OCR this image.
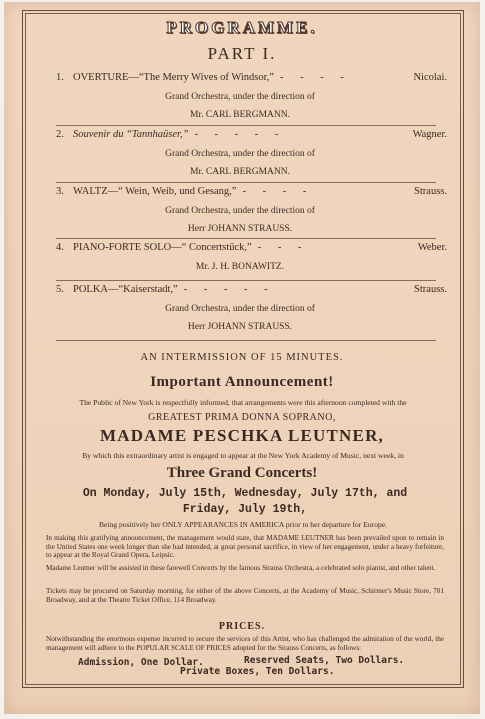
PROGRAMME.
PART I.
1. OVERTURE—“The Merry Wives of Windsor,” - - - -	Nicolai.
Grand Orchestra, under the direction of
Mr. CARL BERGMANN.
2. Souvenir du “Tannhaüser,” - - - - -	Wagner.
Grand Orchestra, under the direction of
Mr. CARL BERGMANN.
3. WALTZ—“ Wein, Weib, und Gesang,” - - - -	Strauss.
Grand Orchestra, under the direction of
Herr JOHANN STRAUSS.
4. PIANO-FORTE SOLO—“ Concertstück,” - - -	Weber.
Mr. J. H. BONAWITZ.
5. POLKA—“Kaiserstadt,” - - - - -	Strauss.
Grand Orchestra, under the direction of
Herr JOHANN STRAUSS.
AN INTERMISSION OF 15 MINUTES.
Important Announcement!
The Public of New York is respectfully informed, that arrangements were this afternoon completed with the
GREATEST PRIMA DONNA SOPRANO,
MADAME PESCHKA LEUTNER,
By which this extraordinary artist is engaged to appear at the New York Academy of Music, next week, in
Three Grand Concerts!
On Monday, July 15th, Wednesday, July 17th, and
Friday, July 19th,
Being positively her ONLY APPEARANCES IN AMERICA prior to her departure for Europe.
In making this gratifying announcement, the management would state, that MADAME LEUTNER has been prevailed upon to remain in the United States one week longer than she had intended, at great personal sacrifice, in view of her engagement, under a heavy forfeiture, to appear at the Royal Grand Opera, Leipsic.
Madame Leutner will be assisted in these farewell Concerts by the famous Strauss Orchestra, a celebrated solo pianist, and other talent.
Tickets may be procured on Saturday morning, for either of the above Concerts, at the Academy of Music, Schirmer's Music Store, 701 Broadway, and at the Theatre Ticket Office, 114 Broadway.
PRICES.
Notwithstanding the enormous expense incurred to secure the services of this Artist, who has challenged the admiration of the world, the management will adhere to the POPULAR SCALE OF PRICES adopted for the Strauss Concerts, as follows:
Admission, One Dollar.	Reserved Seats, Two Dollars.
Private Boxes, Ten Dollars.
